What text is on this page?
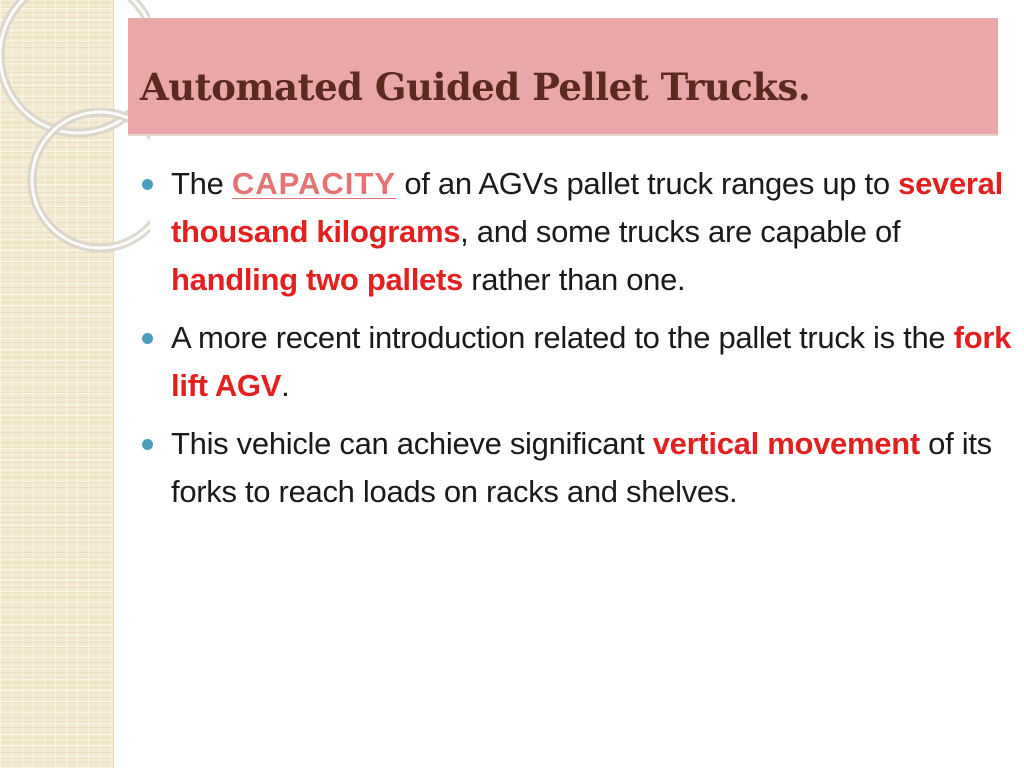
Automated Guided Pellet Trucks.
The CAPACITY of an AGVs pallet truck ranges up to several thousand kilograms, and some trucks are capable of handling two pallets rather than one.
A more recent introduction related to the pallet truck is the fork lift AGV.
This vehicle can achieve significant vertical movement of its forks to reach loads on racks and shelves.
